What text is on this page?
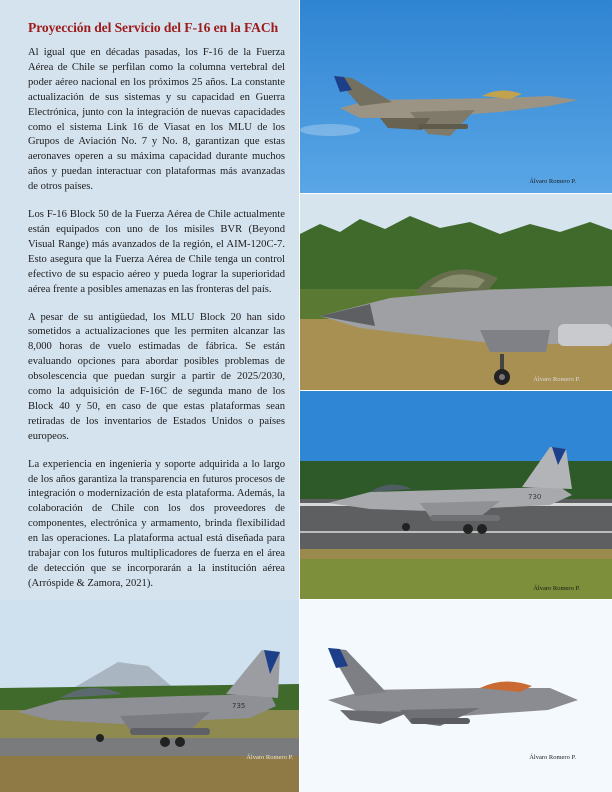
Proyección del Servicio del F-16 en la FACh

Al igual que en décadas pasadas, los F-16 de la Fuerza Aérea de Chile se perfilan como la columna vertebral del poder aéreo nacional en los próximos 25 años. La constante actualización de sus sistemas y su capacidad en Guerra Electrónica, junto con la integración de nuevas capacidades como el sistema Link 16 de Viasat en los MLU de los Grupos de Aviación No. 7 y No. 8, garantizan que estas aeronaves operen a su máxima capacidad durante muchos años y puedan interactuar con plataformas más avanzadas de otros países.

Los F-16 Block 50 de la Fuerza Aérea de Chile actualmente están equipados con uno de los misiles BVR (Beyond Visual Range) más avanzados de la región, el AIM-120C-7. Esto asegura que la Fuerza Aérea de Chile tenga un control efectivo de su espacio aéreo y pueda lograr la superioridad aérea frente a posibles amenazas en las fronteras del país.

A pesar de su antigüedad, los MLU Block 20 han sido sometidos a actualizaciones que les permiten alcanzar las 8,000 horas de vuelo estimadas de fábrica. Se están evaluando opciones para abordar posibles problemas de obsolescencia que puedan surgir a partir de 2025/2030, como la adquisición de F-16C de segunda mano de los Block 40 y 50, en caso de que estas plataformas sean retiradas de los inventarios de Estados Unidos o países europeos.

La experiencia en ingeniería y soporte adquirida a lo largo de los años garantiza la transparencia en futuros procesos de integración o modernización de esta plataforma. Además, la colaboración de Chile con los dos proveedores de componentes, electrónica y armamento, brinda flexibilidad en las operaciones. La plataforma actual está diseñada para trabajar con los futuros multiplicadores de fuerza en el área de detección que se incorporarán a la institución aérea (Arróspide & Zamora, 2021).

Álvaro Romero P.
Álvaro Romero P.
730
Álvaro Romero P.
735
Álvaro Romero P.	Álvaro Romero P.
